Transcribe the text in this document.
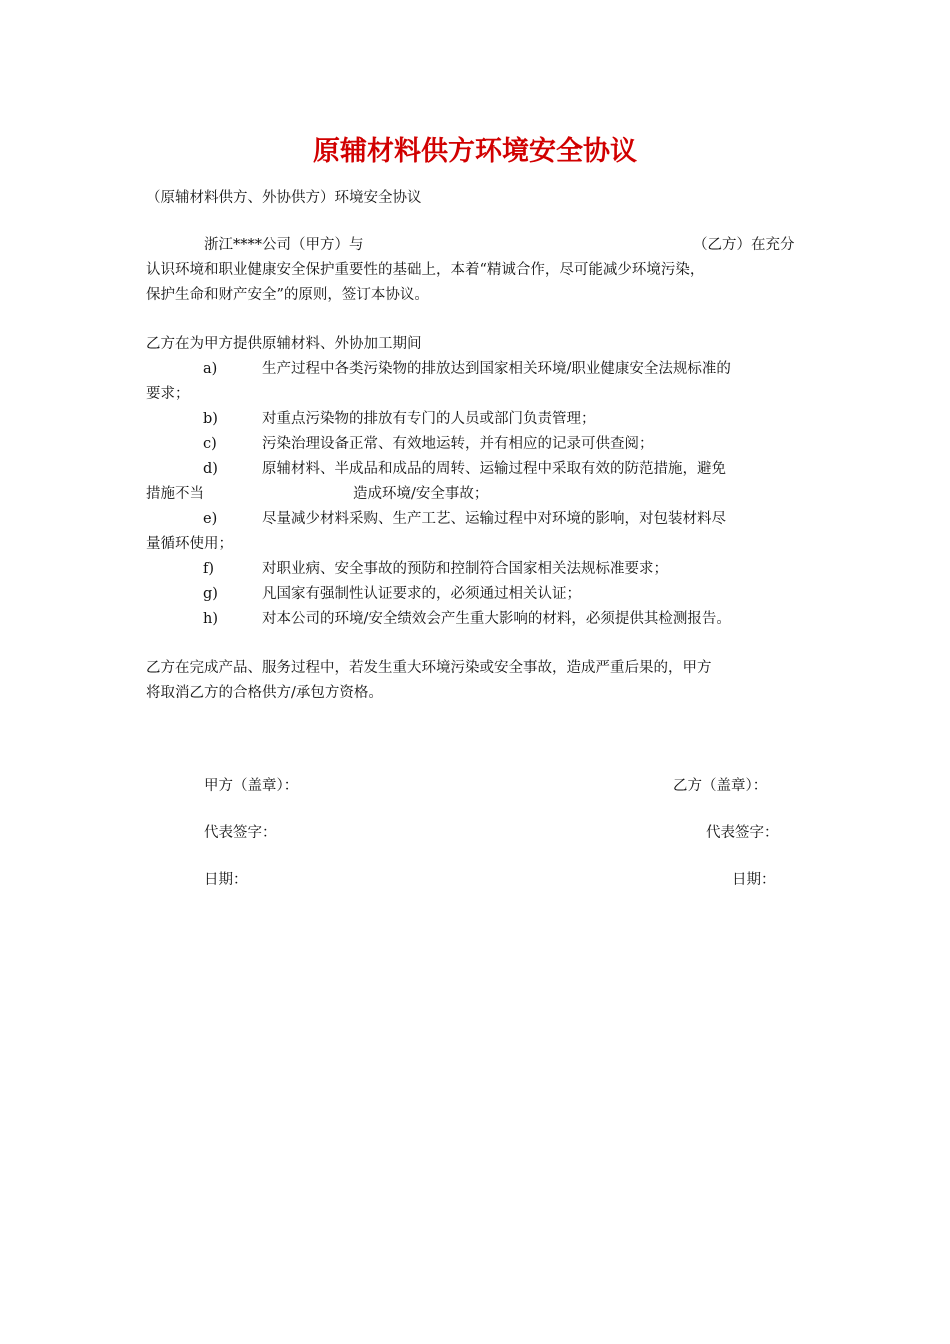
原辅材料供方环境安全协议
（原辅材料供方、外协供方）环境安全协议
浙江****公司（甲方）与	（乙方）在充分
认识环境和职业健康安全保护重要性的基础上，本着“精诚合作，尽可能减少环境污染，
保护生命和财产安全”的原则，签订本协议。
乙方在为甲方提供原辅材料、外协加工期间
a)	生产过程中各类污染物的排放达到国家相关环境/职业健康安全法规标准的
要求；
b)	对重点污染物的排放有专门的人员或部门负责管理；
c)	污染治理设备正常、有效地运转，并有相应的记录可供查阅；
d)	原辅材料、半成品和成品的周转、运输过程中采取有效的防范措施，避免
措施不当	造成环境/安全事故；
e)	尽量减少材料采购、生产工艺、运输过程中对环境的影响，对包装材料尽
量循环使用；
f)	对职业病、安全事故的预防和控制符合国家相关法规标准要求；
g)	凡国家有强制性认证要求的，必须通过相关认证；
h)	对本公司的环境/安全绩效会产生重大影响的材料，必须提供其检测报告。
乙方在完成产品、服务过程中，若发生重大环境污染或安全事故，造成严重后果的，甲方
将取消乙方的合格供方/承包方资格。
甲方（盖章）：	乙方（盖章）：
代表签字：	代表签字：
日期：	日期：
